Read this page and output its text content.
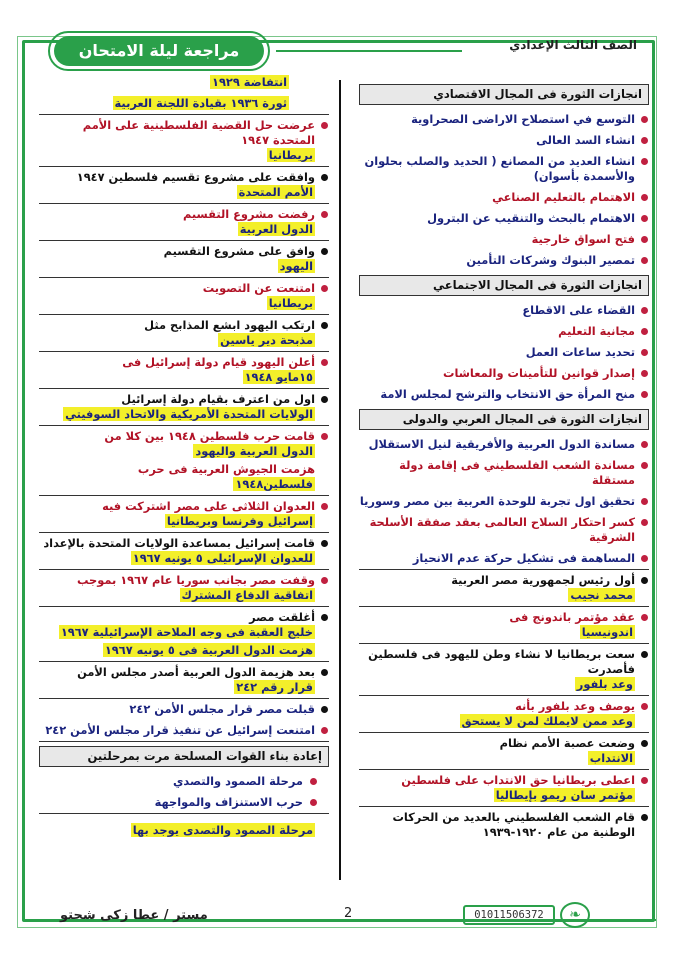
مراجعة ليلة الامتحان	الصف الثالث الإعدادي
انجازات الثورة فى المجال الاقتصادي
التوسع في استصلاح الاراضى الصحراوية
انشاء السد العالى
انشاء العديد من المصانع ( الحديد والصلب بحلوان والأسمدة بأسوان)
الاهتمام بالتعليم الصناعي
الاهتمام بالبحث والتنقيب عن البترول
فتح اسواق خارجية
تمصير البنوك وشركات التأمين
انجازات الثورة فى المجال الاجتماعي
القضاء على الاقطاع
مجانية التعليم
تحديد ساعات العمل
إصدار قوانين للتأمينات والمعاشات
منح المرأة حق الانتخاب والترشح لمجلس الامة
انجازات الثورة فى المجال العربي والدولى
مساندة الدول العربية والأفريقية لنيل الاستقلال
مساندة الشعب الفلسطيني فى إقامة دولة مستقلة
تحقيق اول تجربة للوحدة العربية بين مصر وسوريا
كسر احتكار السلاح العالمى بعقد صفقة الأسلحة الشرقية
المساهمة فى تشكيل حركة عدم الانحياز
أول رئيس لجمهورية مصر العربية
محمد نجيب
عقد مؤتمر باندونج فى
اندونيسيا
سعت بريطانيا لا نشاء وطن لليهود فى فلسطين فأصدرت
وعد بلفور
يوصف وعد بلفور بأنه
وعد ممن لايملك لمن لا يستحق
وضعت عصبة الأمم نظام
الانتداب
اعطى بريطانيا حق الانتداب على فلسطين
مؤتمر سان ريمو بإيطاليا
قام الشعب الفلسطيني بالعديد من الحركات الوطنية من عام ١٩٢٠-١٩٣٩
انتفاضة ١٩٢٩
ثورة ١٩٣٦ بقيادة اللجنة العربية
عرضت حل القضية الفلسطينية على الأمم المتحدة ١٩٤٧
بريطانيا
وافقت على مشروع تقسيم فلسطين ١٩٤٧
الأمم المتحدة
رفضت مشروع التقسيم
الدول العربية
وافق على مشروع التقسيم
اليهود
امتنعت عن التصويت
بريطانيا
ارتكب اليهود ابشع المذابح مثل
مذبحة دير ياسين
أعلن اليهود قيام دولة إسرائيل فى
١٥مايو ١٩٤٨
اول من اعترف بقيام دولة إسرائيل
الولايات المتحدة الأمريكية والاتحاد السوفيتي
قامت حرب فلسطين ١٩٤٨ بين كلا من
الدول العربية واليهود
هزمت الجيوش العربية فى حرب
فلسطين١٩٤٨
العدوان الثلاثى على مصر اشتركت فيه
إسرائيل وفرنسا وبريطانيا
قامت إسرائيل بمساعدة الولايات المتحدة بالإعداد
للعدوان الإسرائيلى ٥ يونيه ١٩٦٧
وقفت مصر بجانب سوريا عام ١٩٦٧ بموجب
اتفاقية الدفاع المشترك
أغلقت مصر
خليج العقبة فى وجه الملاحة الإسرائيلية ١٩٦٧
هزمت الدول العربية فى ٥ يونيه ١٩٦٧
بعد هزيمة الدول العربية أصدر مجلس الأمن
قرار رقم ٢٤٢
قبلت مصر قرار مجلس الأمن ٢٤٢
امتنعت إسرائيل عن تنفيذ قرار مجلس الأمن ٢٤٢
إعادة بناء القوات المسلحة مرت بمرحلتين
مرحلة الصمود والتصدي
حرب الاستنزاف والمواجهة
مرحلة الصمود والتصدى يوجد بها
مستر / عطا زكى شحتو	2	01011506372	❧
